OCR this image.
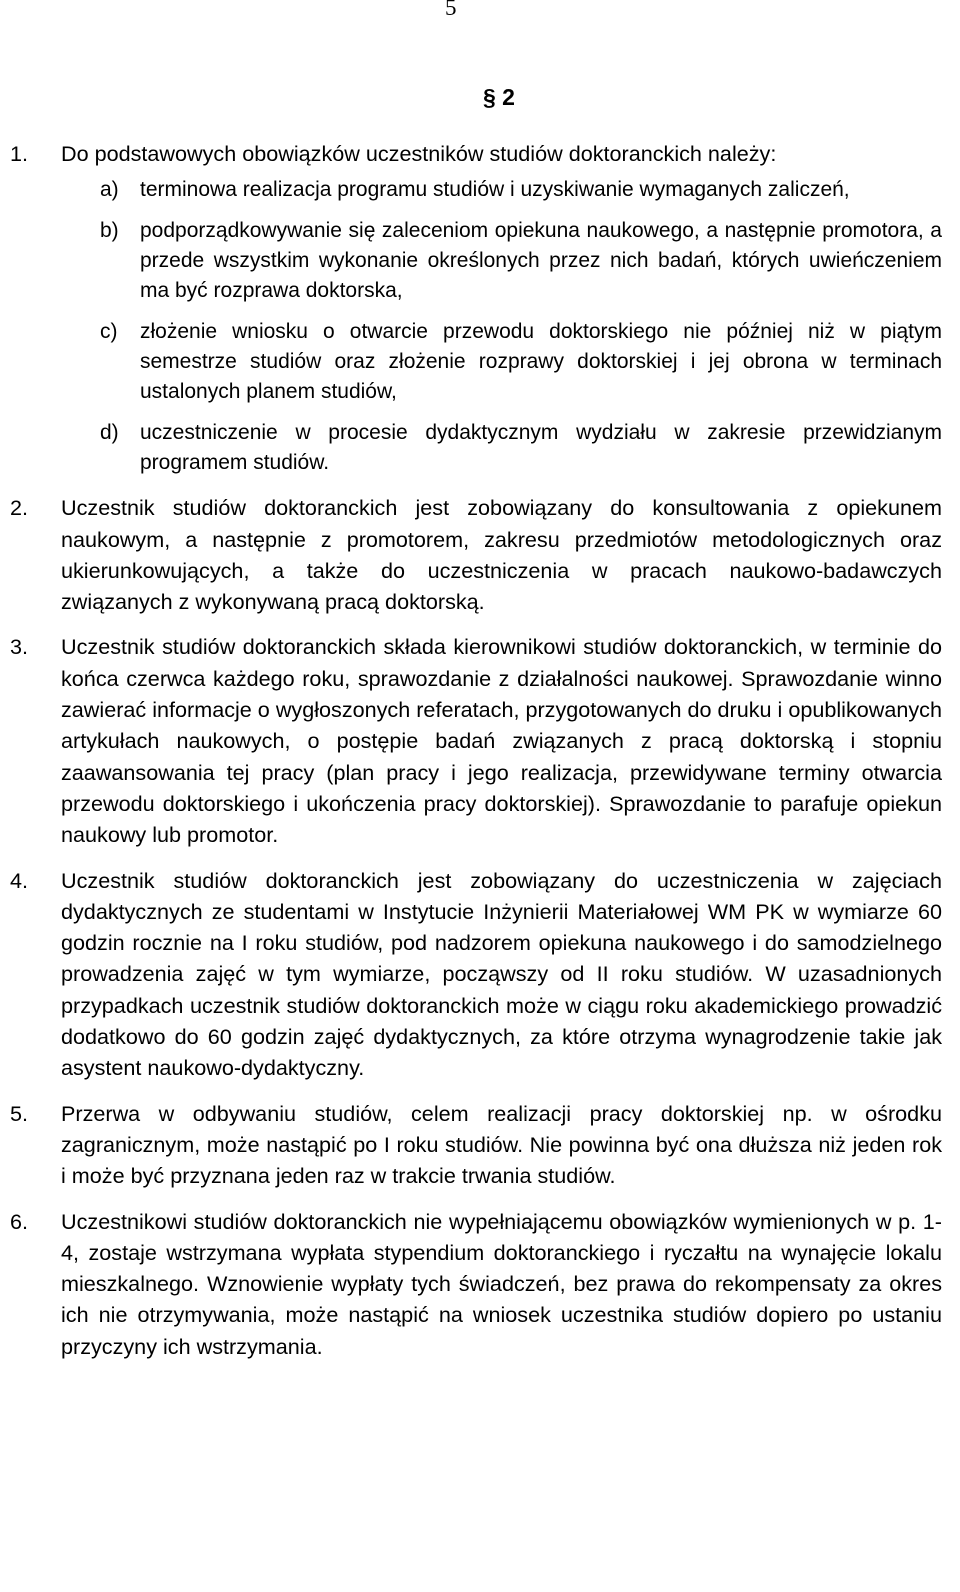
5
§ 2
1. Do podstawowych obowiązków uczestników studiów doktoranckich należy:
a) terminowa realizacja programu studiów i uzyskiwanie wymaganych zaliczeń,
b) podporządkowywanie się zaleceniom opiekuna naukowego, a następnie promotora, a przede wszystkim wykonanie określonych przez nich badań, których uwieńczeniem ma być rozprawa doktorska,
c) złożenie wniosku o otwarcie przewodu doktorskiego nie później niż w piątym semestrze studiów oraz złożenie rozprawy doktorskiej i jej obrona w terminach ustalonych planem studiów,
d) uczestniczenie w procesie dydaktycznym wydziału w zakresie przewidzianym programem studiów.
2. Uczestnik studiów doktoranckich jest zobowiązany do konsultowania z opiekunem naukowym, a następnie z promotorem, zakresu przedmiotów metodologicznych oraz ukierunkowujących, a także do uczestniczenia w pracach naukowo-badawczych związanych z wykonywaną pracą doktorską.
3. Uczestnik studiów doktoranckich składa kierownikowi studiów doktoranckich, w terminie do końca czerwca każdego roku, sprawozdanie z działalności naukowej. Sprawozdanie winno zawierać informacje o wygłoszonych referatach, przygotowanych do druku i opublikowanych artykułach naukowych, o postępie badań związanych z pracą doktorską i stopniu zaawansowania tej pracy (plan pracy i jego realizacja, przewidywane terminy otwarcia przewodu doktorskiego i ukończenia pracy doktorskiej). Sprawozdanie to parafuje opiekun naukowy lub promotor.
4. Uczestnik studiów doktoranckich jest zobowiązany do uczestniczenia w zajęciach dydaktycznych ze studentami w Instytucie Inżynierii Materiałowej WM PK w wymiarze 60 godzin rocznie na I roku studiów, pod nadzorem opiekuna naukowego i do samodzielnego prowadzenia zajęć w tym wymiarze, począwszy od II roku studiów. W uzasadnionych przypadkach uczestnik studiów doktoranckich może w ciągu roku akademickiego prowadzić dodatkowo do 60 godzin zajęć dydaktycznych, za które otrzyma wynagrodzenie takie jak asystent naukowo-dydaktyczny.
5. Przerwa w odbywaniu studiów, celem realizacji pracy doktorskiej np. w ośrodku zagranicznym, może nastąpić po I roku studiów. Nie powinna być ona dłuższa niż jeden rok i może być przyznana jeden raz w trakcie trwania studiów.
6. Uczestnikowi studiów doktoranckich nie wypełniającemu obowiązków wymienionych w p. 1-4, zostaje wstrzymana wypłata stypendium doktoranckiego i ryczałtu na wynajęcie lokalu mieszkalnego. Wznowienie wypłaty tych świadczeń, bez prawa do rekompensaty za okres ich nie otrzymywania, może nastąpić na wniosek uczestnika studiów dopiero po ustaniu przyczyny ich wstrzymania.
